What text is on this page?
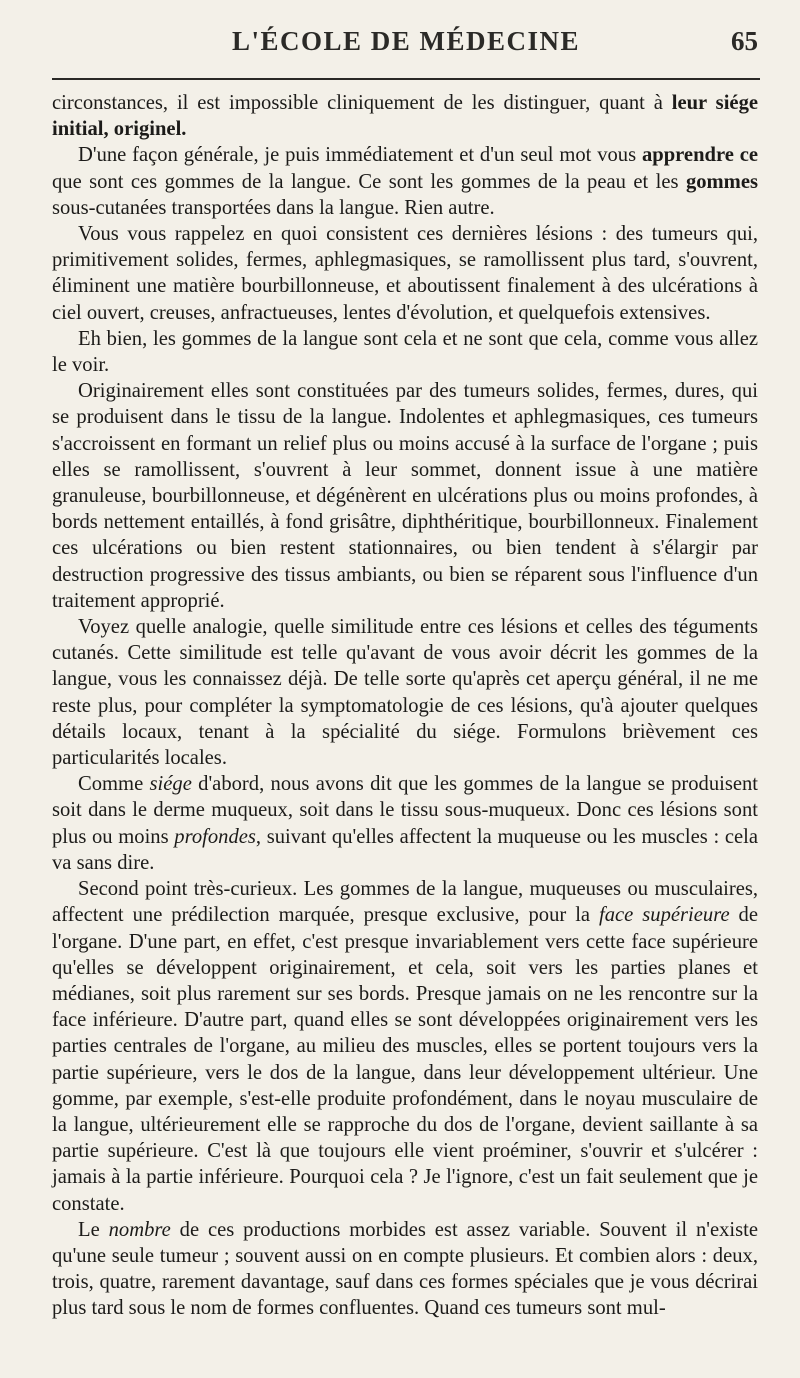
L'ÉCOLE DE MÉDECINE	65

circonstances, il est impossible cliniquement de les distinguer, quant à leur siége initial, originel.

D'une façon générale, je puis immédiatement et d'un seul mot vous apprendre ce que sont ces gommes de la langue. Ce sont les gommes de la peau et les gommes sous-cutanées transportées dans la langue. Rien autre.

Vous vous rappelez en quoi consistent ces dernières lésions : des tumeurs qui, primitivement solides, fermes, aphlegmasiques, se ramollissent plus tard, s'ouvrent, éliminent une matière bourbillonneuse, et aboutissent finalement à des ulcérations à ciel ouvert, creuses, anfractueuses, lentes d'évolution, et quelquefois extensives.

Eh bien, les gommes de la langue sont cela et ne sont que cela, comme vous allez le voir.

Originairement elles sont constituées par des tumeurs solides, fermes, dures, qui se produisent dans le tissu de la langue. Indolentes et aphlegmasiques, ces tumeurs s'accroissent en formant un relief plus ou moins accusé à la surface de l'organe ; puis elles se ramollissent, s'ouvrent à leur sommet, donnent issue à une matière granuleuse, bourbillonneuse, et dégénèrent en ulcérations plus ou moins profondes, à bords nettement entaillés, à fond grisâtre, diphthéritique, bourbillonneux. Finalement ces ulcérations ou bien restent stationnaires, ou bien tendent à s'élargir par destruction progressive des tissus ambiants, ou bien se réparent sous l'influence d'un traitement approprié.

Voyez quelle analogie, quelle similitude entre ces lésions et celles des téguments cutanés. Cette similitude est telle qu'avant de vous avoir décrit les gommes de la langue, vous les connaissez déjà. De telle sorte qu'après cet aperçu général, il ne me reste plus, pour compléter la symptomatologie de ces lésions, qu'à ajouter quelques détails locaux, tenant à la spécialité du siége. Formulons brièvement ces particularités locales.

Comme siége d'abord, nous avons dit que les gommes de la langue se produisent soit dans le derme muqueux, soit dans le tissu sous-muqueux. Donc ces lésions sont plus ou moins profondes, suivant qu'elles affectent la muqueuse ou les muscles : cela va sans dire.

Second point très-curieux. Les gommes de la langue, muqueuses ou musculaires, affectent une prédilection marquée, presque exclusive, pour la face supérieure de l'organe. D'une part, en effet, c'est presque invariablement vers cette face supérieure qu'elles se développent originairement, et cela, soit vers les parties planes et médianes, soit plus rarement sur ses bords. Presque jamais on ne les rencontre sur la face inférieure. D'autre part, quand elles se sont développées originairement vers les parties centrales de l'organe, au milieu des muscles, elles se portent toujours vers la partie supérieure, vers le dos de la langue, dans leur développement ultérieur. Une gomme, par exemple, s'est-elle produite profondément, dans le noyau musculaire de la langue, ultérieurement elle se rapproche du dos de l'organe, devient saillante à sa partie supérieure. C'est là que toujours elle vient proéminer, s'ouvrir et s'ulcérer : jamais à la partie inférieure. Pourquoi cela ? Je l'ignore, c'est un fait seulement que je constate.

Le nombre de ces productions morbides est assez variable. Souvent il n'existe qu'une seule tumeur ; souvent aussi on en compte plusieurs. Et combien alors : deux, trois, quatre, rarement davantage, sauf dans ces formes spéciales que je vous décrirai plus tard sous le nom de formes confluentes. Quand ces tumeurs sont mul-
